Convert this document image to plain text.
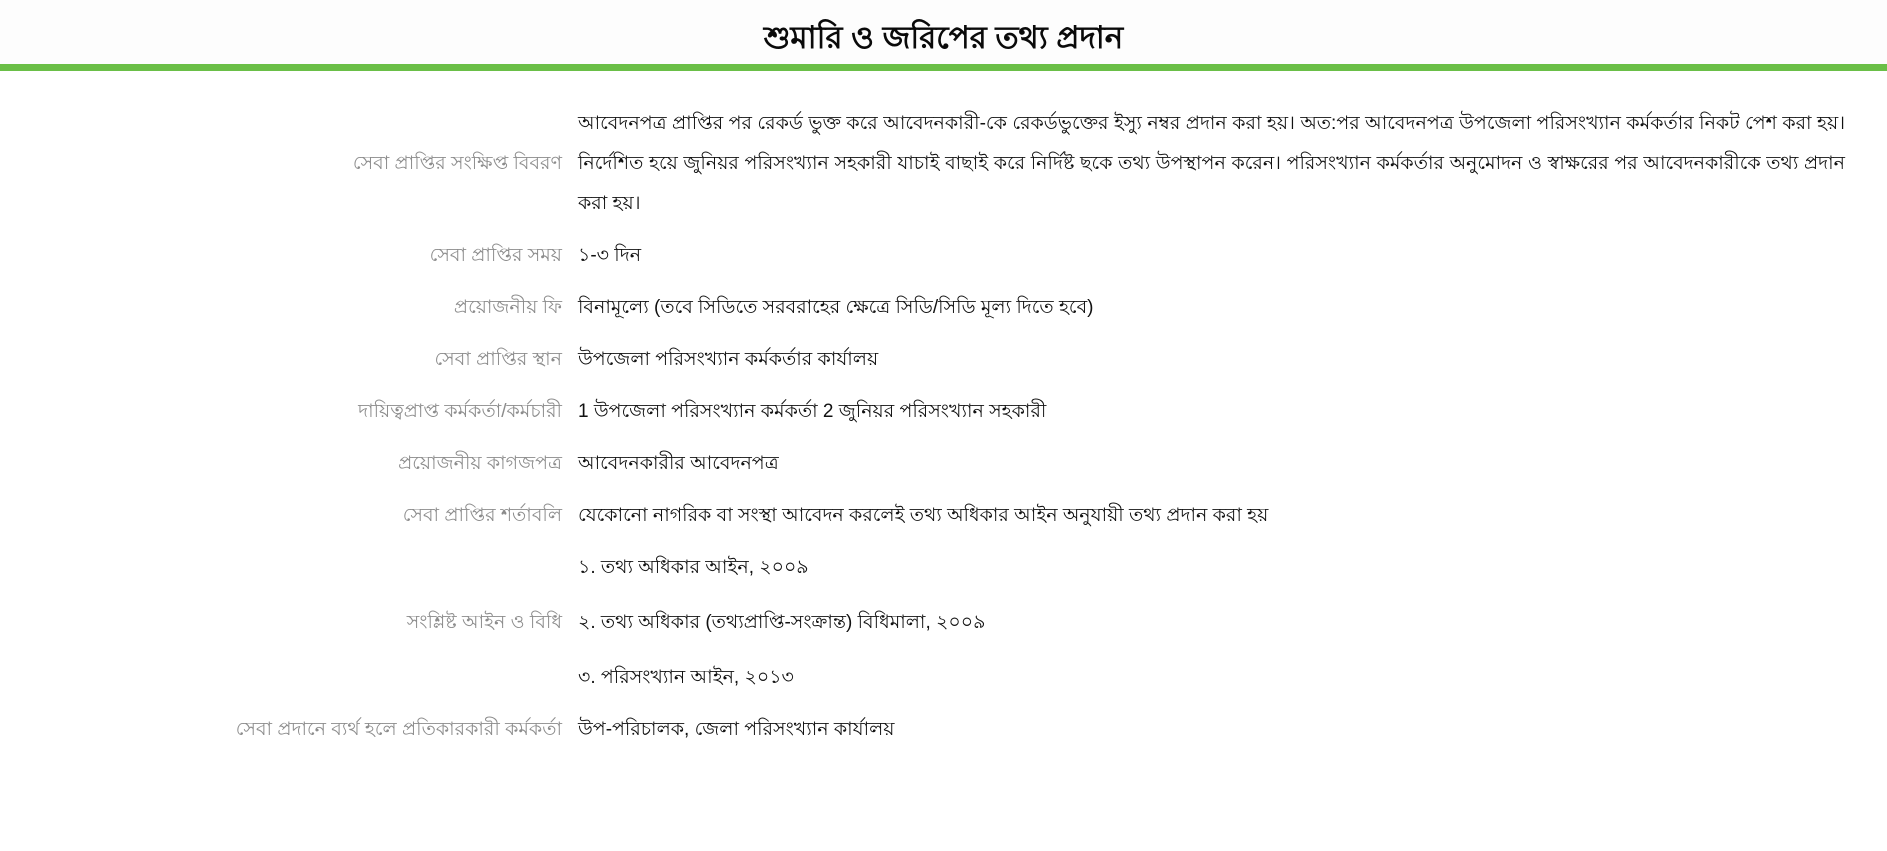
শুমারি ও জরিপের তথ্য প্রদান
সেবা প্রাপ্তির সংক্ষিপ্ত বিবরণ
আবেদনপত্র প্রাপ্তির পর রেকর্ড ভুক্ত করে আবেদনকারী-কে রেকর্ডভুক্তের ইস্যু নম্বর প্রদান করা হয়। অত:পর আবেদনপত্র উপজেলা পরিসংখ্যান কর্মকর্তার নিকট পেশ করা হয়। নির্দেশিত হয়ে জুনিয়র পরিসংখ্যান সহকারী যাচাই বাছাই করে নির্দিষ্ট ছকে তথ্য উপস্থাপন করেন। পরিসংখ্যান কর্মকর্তার অনুমোদন ও স্বাক্ষরের পর আবেদনকারীকে তথ্য প্রদান করা হয়।
সেবা প্রাপ্তির সময় ১-৩ দিন
প্রয়োজনীয় ফি বিনামূল্যে (তবে সিডিতে সরবরাহের ক্ষেত্রে সিডি/সিডি মূল্য দিতে হবে)
সেবা প্রাপ্তির স্থান উপজেলা পরিসংখ্যান কর্মকর্তার কার্যালয়
দায়িত্বপ্রাপ্ত কর্মকর্তা/কর্মচারী 1 উপজেলা পরিসংখ্যান কর্মকর্তা 2 জুনিয়র পরিসংখ্যান সহকারী
প্রয়োজনীয় কাগজপত্র আবেদনকারীর আবেদনপত্র
সেবা প্রাপ্তির শর্তাবলি যেকোনো নাগরিক বা সংস্থা আবেদন করলেই তথ্য অধিকার আইন অনুযায়ী তথ্য প্রদান করা হয়
সংশ্লিষ্ট আইন ও বিধি
১. তথ্য অধিকার আইন, ২০০৯
২. তথ্য অধিকার (তথ্যপ্রাপ্তি-সংক্রান্ত) বিধিমালা, ২০০৯
৩. পরিসংখ্যান আইন, ২০১৩
সেবা প্রদানে ব্যর্থ হলে প্রতিকারকারী কর্মকর্তা উপ-পরিচালক, জেলা পরিসংখ্যান কার্যালয়
